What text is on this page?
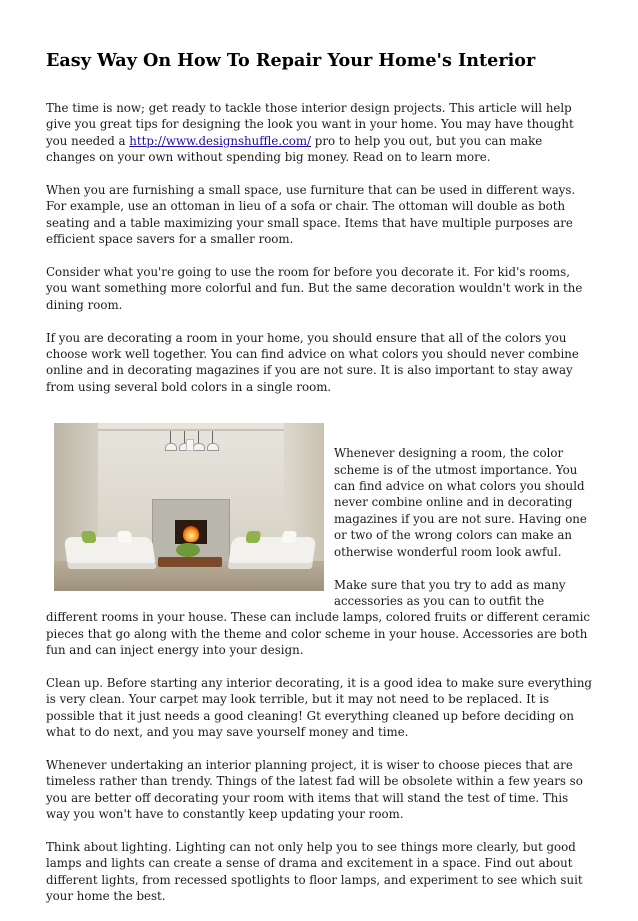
Easy Way On How To Repair Your Home's Interior

The time is now; get ready to tackle those interior design projects. This article will help give you great tips for designing the look you want in your home. You may have thought you needed a http://www.designshuffle.com/ pro to help you out, but you can make changes on your own without spending big money. Read on to learn more.

When you are furnishing a small space, use furniture that can be used in different ways. For example, use an ottoman in lieu of a sofa or chair. The ottoman will double as both seating and a table maximizing your small space. Items that have multiple purposes are efficient space savers for a smaller room.

Consider what you're going to use the room for before you decorate it. For kid's rooms, you want something more colorful and fun. But the same decoration wouldn't work in the dining room.

If you are decorating a room in your home, you should ensure that all of the colors you choose work well together. You can find advice on what colors you should never combine online and in decorating magazines if you are not sure. It is also important to stay away from using several bold colors in a single room.

Whenever designing a room, the color scheme is of the utmost importance. You can find advice on what colors you should never combine online and in decorating magazines if you are not sure. Having one or two of the wrong colors can make an otherwise wonderful room look awful.

Make sure that you try to add as many accessories as you can to outfit the different rooms in your house. These can include lamps, colored fruits or different ceramic pieces that go along with the theme and color scheme in your house. Accessories are both fun and can inject energy into your design.

Clean up. Before starting any interior decorating, it is a good idea to make sure everything is very clean. Your carpet may look terrible, but it may not need to be replaced. It is possible that it just needs a good cleaning! Gt everything cleaned up before deciding on what to do next, and you may save yourself money and time.

Whenever undertaking an interior planning project, it is wiser to choose pieces that are timeless rather than trendy. Things of the latest fad will be obsolete within a few years so you are better off decorating your room with items that will stand the test of time. This way you won't have to constantly keep updating your room.

Think about lighting. Lighting can not only help you to see things more clearly, but good lamps and lights can create a sense of drama and excitement in a space. Find out about different lights, from recessed spotlights to floor lamps, and experiment to see which suit your home the best.
